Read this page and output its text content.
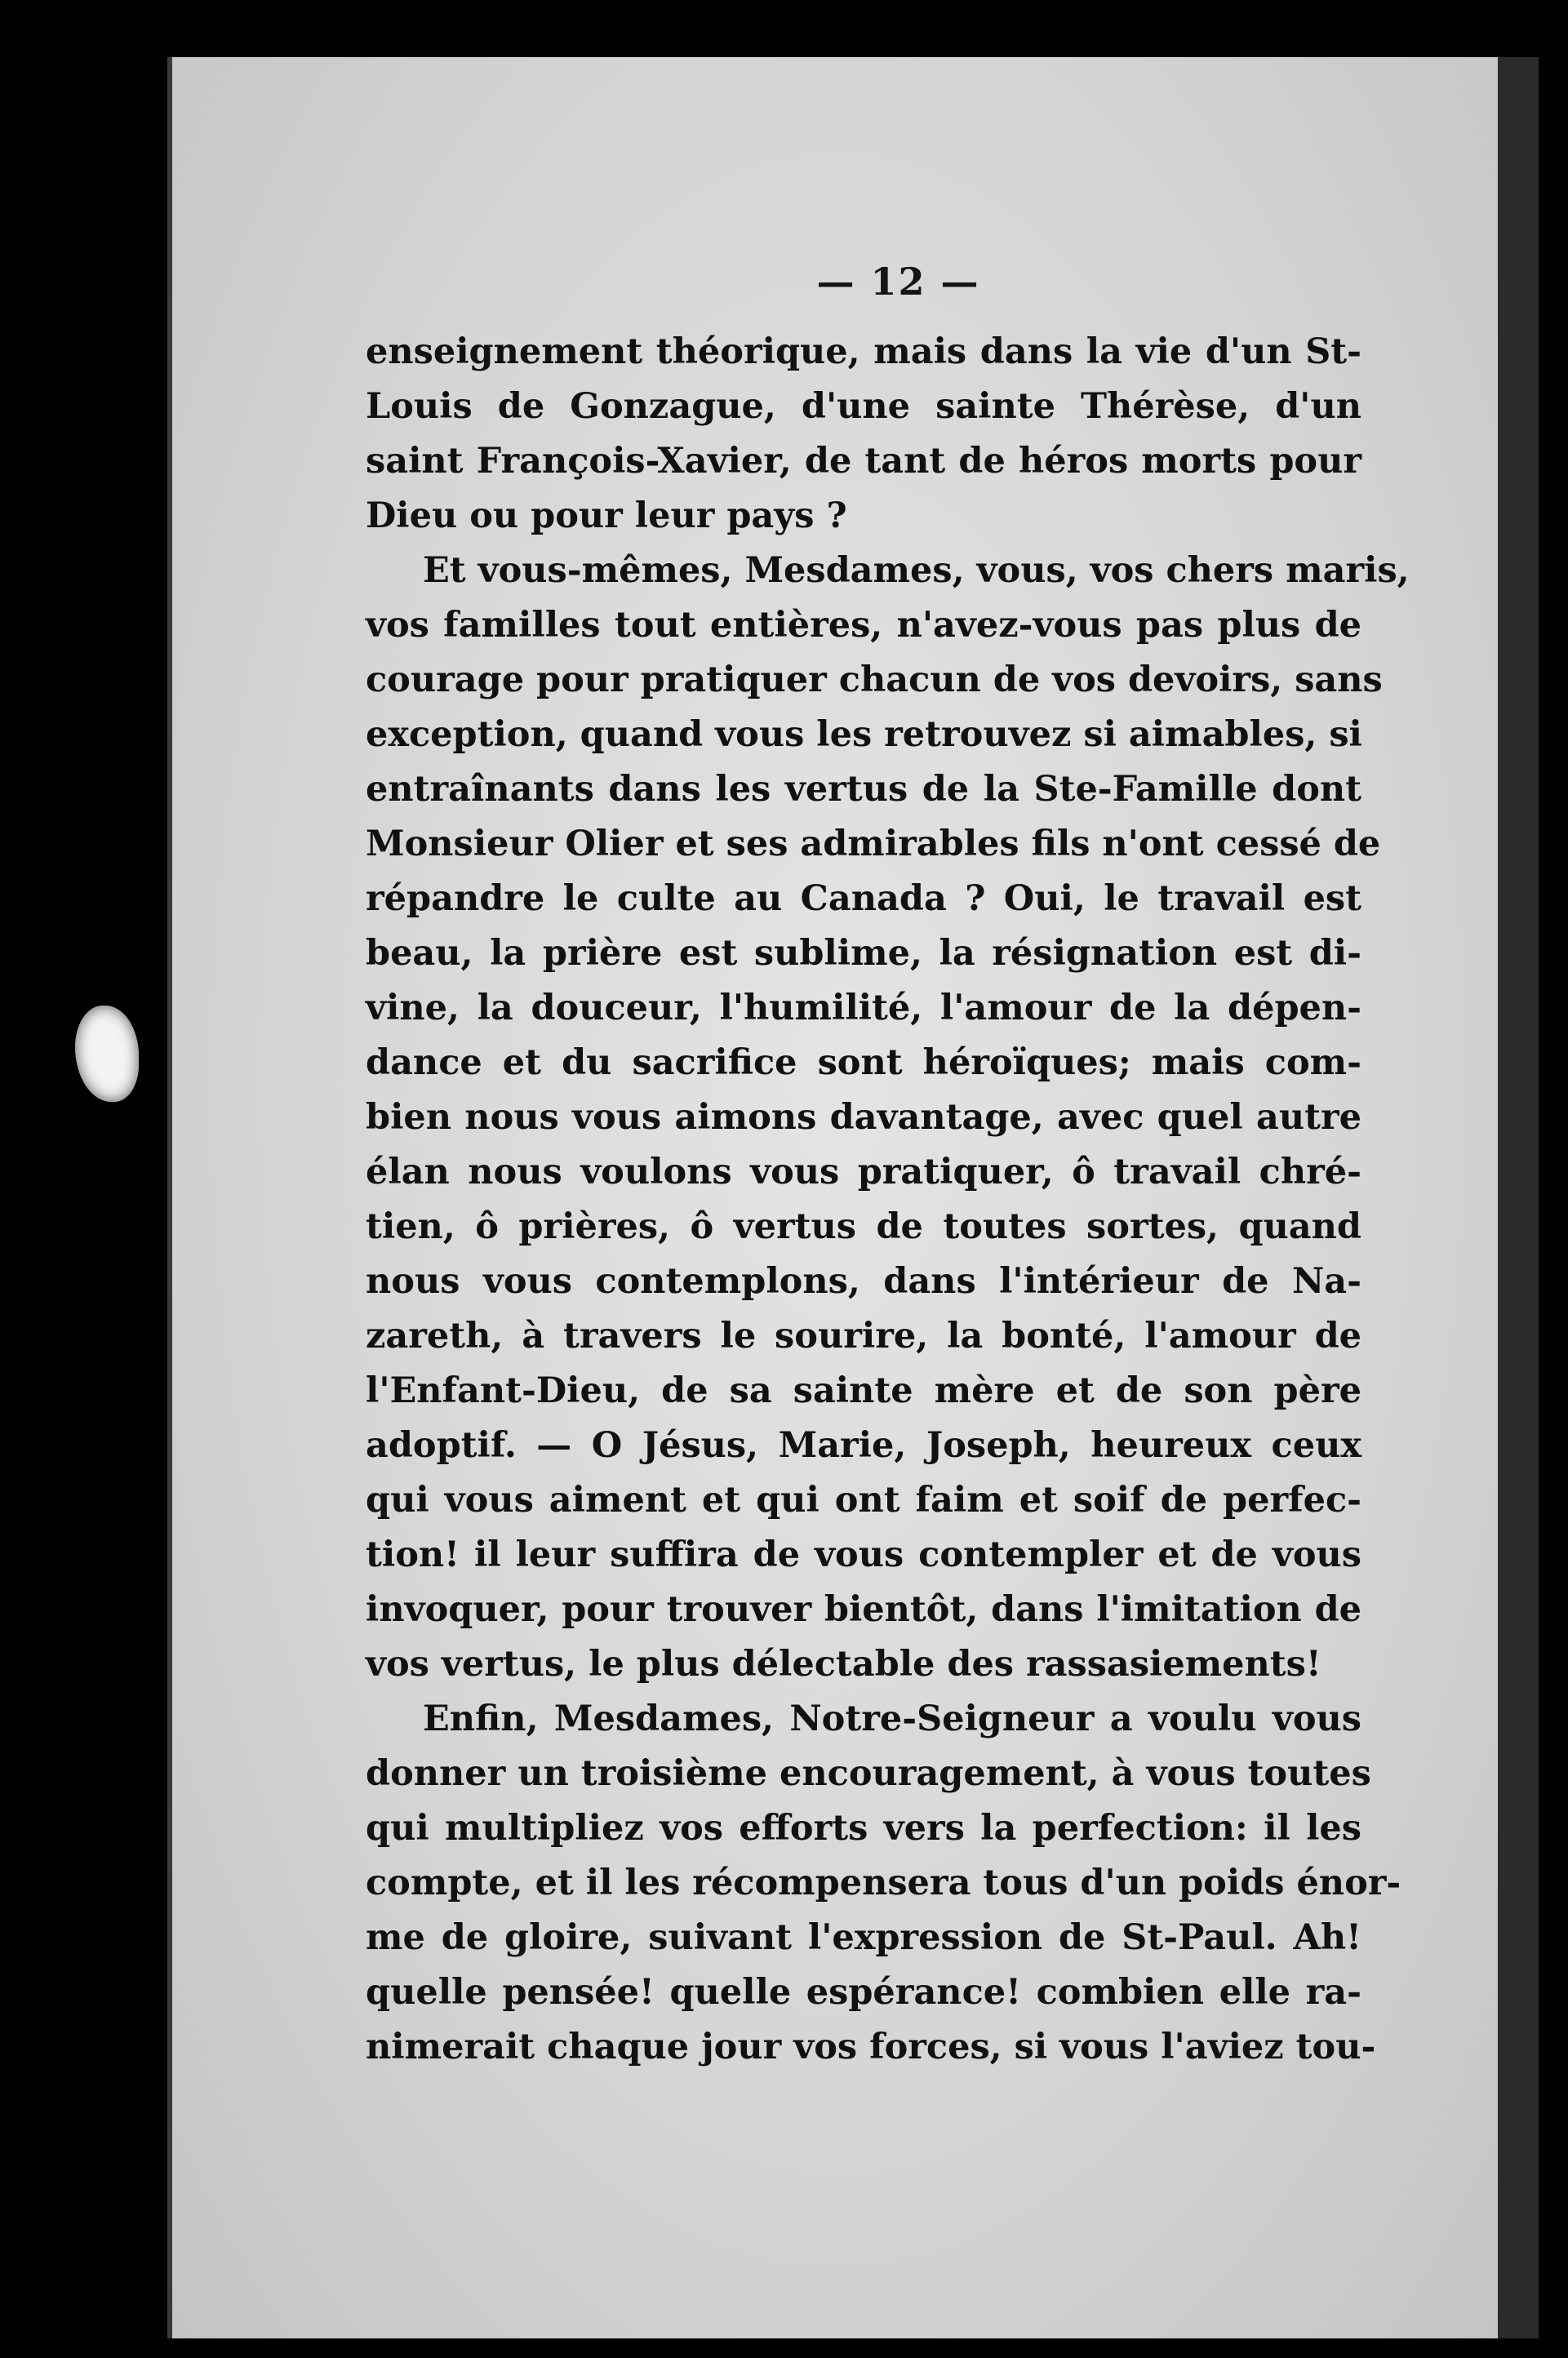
— 12 —
enseignement théorique, mais dans la vie d'un St-
Louis de Gonzague, d'une sainte Thérèse, d'un
saint François-Xavier, de tant de héros morts pour
Dieu ou pour leur pays ?
Et vous-mêmes, Mesdames, vous, vos chers maris,
vos familles tout entières, n'avez-vous pas plus de
courage pour pratiquer chacun de vos devoirs, sans
exception, quand vous les retrouvez si aimables, si
entraînants dans les vertus de la Ste-Famille dont
Monsieur Olier et ses admirables fils n'ont cessé de
répandre le culte au Canada ? Oui, le travail est
beau, la prière est sublime, la résignation est di-
vine, la douceur, l'humilité, l'amour de la dépen-
dance et du sacrifice sont héroïques; mais com-
bien nous vous aimons davantage, avec quel autre
élan nous voulons vous pratiquer, ô travail chré-
tien, ô prières, ô vertus de toutes sortes, quand
nous vous contemplons, dans l'intérieur de Na-
zareth, à travers le sourire, la bonté, l'amour de
l'Enfant-Dieu, de sa sainte mère et de son père
adoptif. — O Jésus, Marie, Joseph, heureux ceux
qui vous aiment et qui ont faim et soif de perfec-
tion! il leur suffira de vous contempler et de vous
invoquer, pour trouver bientôt, dans l'imitation de
vos vertus, le plus délectable des rassasiements!
Enfin, Mesdames, Notre-Seigneur a voulu vous
donner un troisième encouragement, à vous toutes
qui multipliez vos efforts vers la perfection: il les
compte, et il les récompensera tous d'un poids énor-
me de gloire, suivant l'expression de St-Paul. Ah!
quelle pensée! quelle espérance! combien elle ra-
nimerait chaque jour vos forces, si vous l'aviez tou-
